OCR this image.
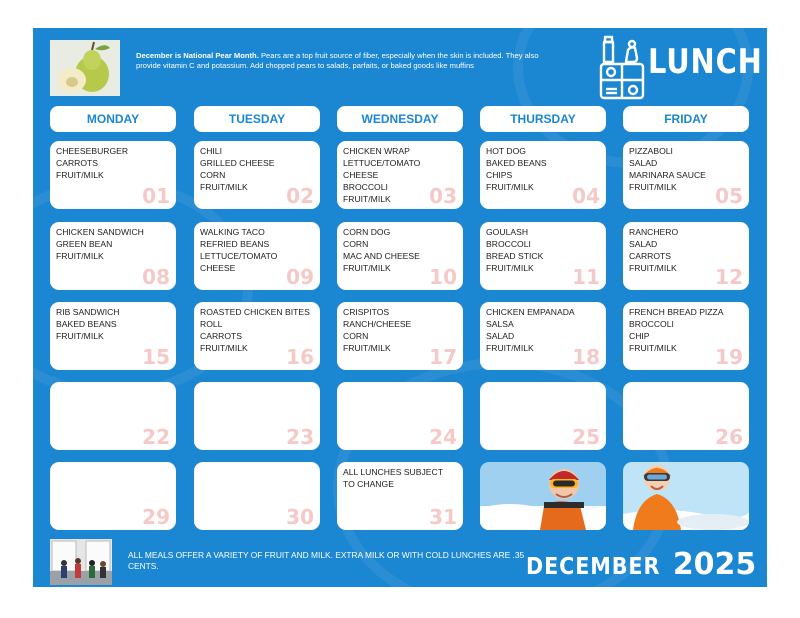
December is National Pear Month. Pears are a top fruit source of fiber, especially when the skin is included. They also provide vitamin C and potassium. Add chopped pears to salads, parfaits, or baked goods like muffins	LUNCH
MONDAY	TUESDAY	WEDNESDAY	THURSDAY	FRIDAY
CHEESEBURGER
CARROTS
FRUIT/MILK
01
CHILI
GRILLED CHEESE
CORN
FRUIT/MILK	02
CHICKEN WRAP
LETTUCE/TOMATO
CHEESE
BROCCOLI
FRUIT/MILK	03
HOT DOG
BAKED BEANS
CHIPS
FRUIT/MILK	04
PIZZABOLI
SALAD
MARINARA SAUCE
FRUIT/MILK	05
CHICKEN SANDWICH
GREEN BEAN
FRUIT/MILK
08
WALKING TACO
REFRIED BEANS
LETTUCE/TOMATO
CHEESE	09
CORN DOG
CORN
MAC AND CHEESE
FRUIT/MILK	10
GOULASH
BROCCOLI
BREAD STICK
FRUIT/MILK	11
RANCHERO
SALAD
CARROTS
FRUIT/MILK 12
RIB SANDWICH
BAKED BEANS
FRUIT/MILK
15
ROASTED CHICKEN BITES
ROLL
CARROTS
FRUIT/MILK	16
CRISPITOS
RANCH/CHEESE
CORN
FRUIT/MILK	17
CHICKEN EMPANADA
SALSA
SALAD
FRUIT/MILK	18
FRENCH BREAD PIZZA
BROCCOLI
CHIP
FRUIT/MILK	19
22	23	24	25	26
29	30
ALL LUNCHES SUBJECT
TO CHANGE
31
ALL MEALS OFFER A VARIETY OF FRUIT AND MILK. EXTRA MILK OR WITH COLD LUNCHES ARE .35 CENTS.	DECEMBER 2025
